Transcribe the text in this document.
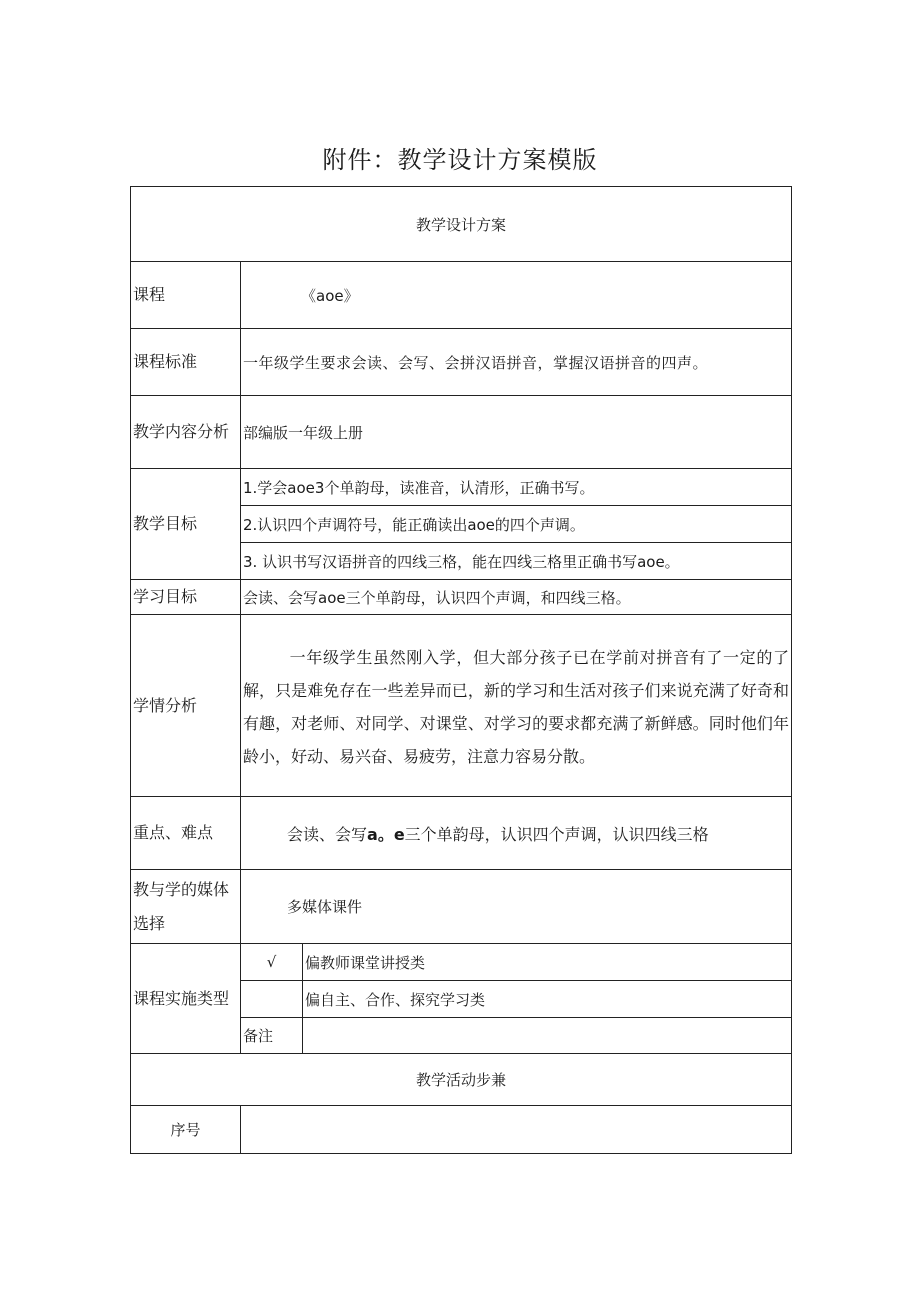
附件：教学设计方案模版
教学设计方案		
课程	《aoe》	
课程标准	一年级学生要求会读、会写、会拼汉语拼音，掌握汉语拼音的四声。	
教学内容分析	部编版一年级上册	
教学目标	1.学会aoe3个单韵母，读准音，认清形，正确书写。	
	2.认识四个声调符号，能正确读出aoe的四个声调。	
	3. 认识书写汉语拼音的四线三格，能在四线三格里正确书写aoe。	
学习目标	会读、会写aoe三个单韵母，认识四个声调，和四线三格。	
学情分析	一年级学生虽然刚入学，但大部分孩子已在学前对拼音有了一定的了解，只是难免存在一些差异而已，新的学习和生活对孩子们来说充满了好奇和有趣，对老师、对同学、对课堂、对学习的要求都充满了新鲜感。同时他们年龄小，好动、易兴奋、易疲劳，注意力容易分散。	
重点、难点	会读、会写a。e三个单韵母，认识四个声调，认识四线三格	
教与学的媒体选择	多媒体课件	
课程实施类型	√	偏教师课堂讲授类
		偏自主、合作、探究学习类
	备注	
教学活动步兼		
序号		
